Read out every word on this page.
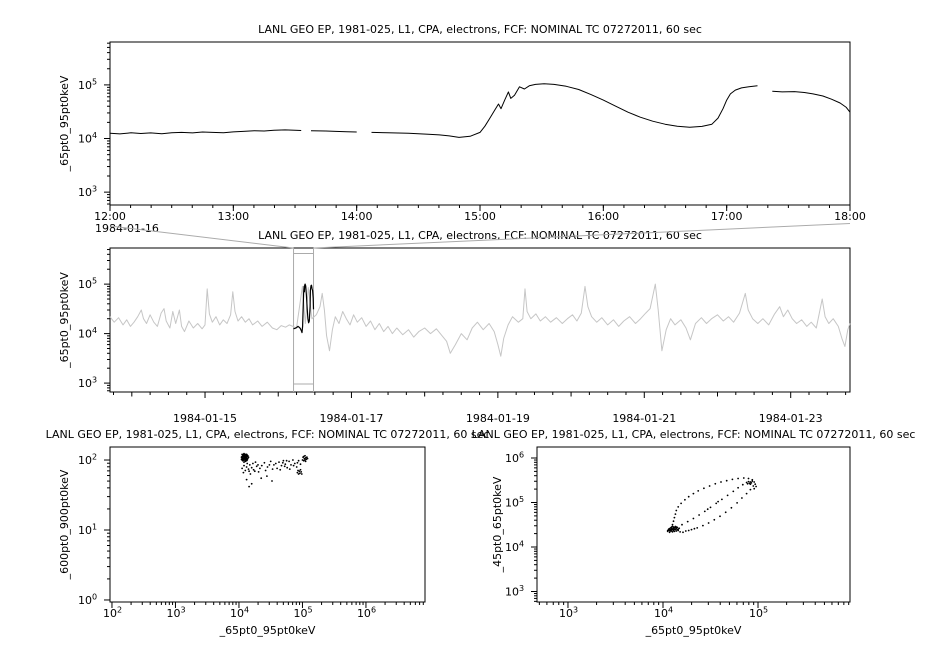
LANL GEO EP, 1981-025, L1, CPA, electrons, FCF: NOMINAL TC 07272011, 60 sec
_65pt0_95pt0keV
$10^3$
$10^4$
$10^5$
12:00	13:00	14:00	15:00	16:00	17:00	18:00
1984-01-16
LANL GEO EP, 1981-025, L1, CPA, electrons, FCF: NOMINAL TC 07272011, 60 sec
_65pt0_95pt0keV
$10^3$
$10^4$
$10^5$
1984-01-15	1984-01-17	1984-01-19	1984-01-21	1984-01-23
LANL GEO EP, 1981-025, L1, CPA, electrons, FCF: NOMINAL TC 07272011, 60 sec
_600pt0_900pt0keV
$10^0$
$10^1$
$10^2$
$10^2$	$10^3$	$10^4$	$10^5$	$10^6$
_65pt0_95pt0keV
LANL GEO EP, 1981-025, L1, CPA, electrons, FCF: NOMINAL TC 07272011, 60 sec
_45pt0_65pt0keV
$10^3$
$10^4$
$10^5$
$10^6$
$10^3$	$10^4$	$10^5$
_65pt0_95pt0keV
